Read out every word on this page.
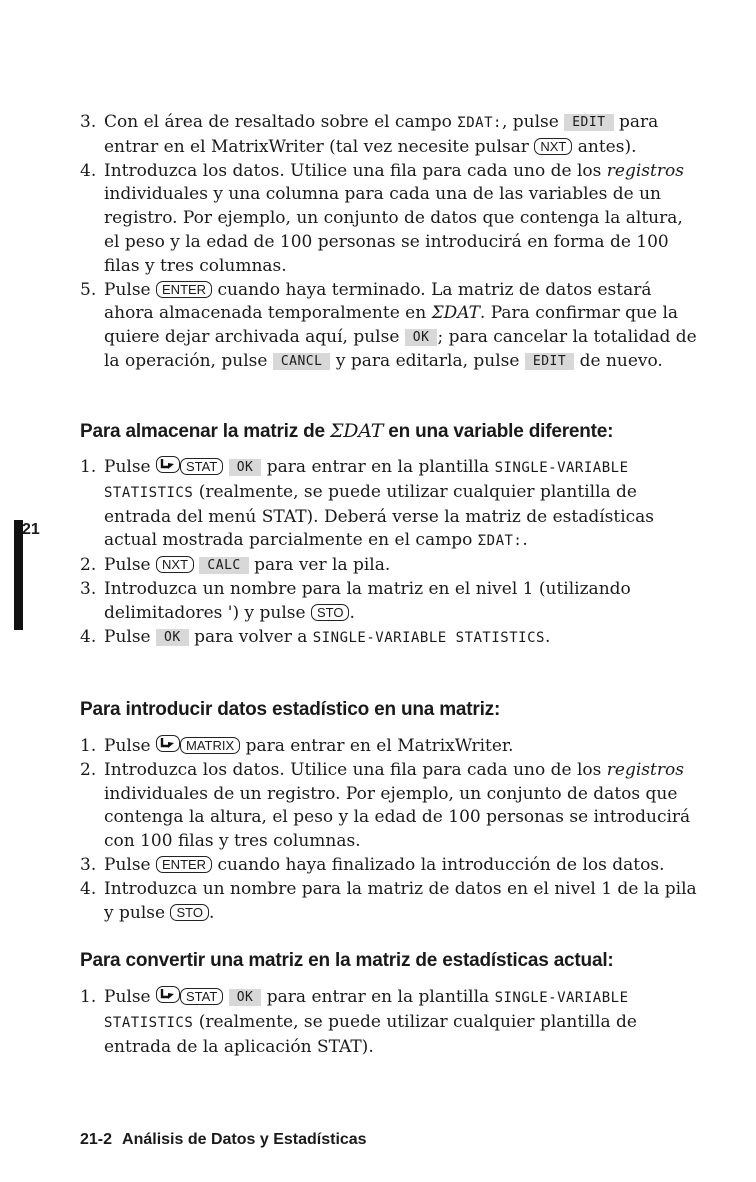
21
3. Con el área de resaltado sobre el campo ΣDAT:, pulse EDIT para entrar en el MatrixWriter (tal vez necesite pulsar NXT antes).
4. Introduzca los datos. Utilice una fila para cada uno de los registros individuales y una columna para cada una de las variables de un registro. Por ejemplo, un conjunto de datos que contenga la altura, el peso y la edad de 100 personas se introducirá en forma de 100 filas y tres columnas.
5. Pulse ENTER cuando haya terminado. La matriz de datos estará ahora almacenada temporalmente en ΣDAT. Para confirmar que la quiere dejar archivada aquí, pulse OK ; para cancelar la totalidad de la operación, pulse CANCL y para editarla, pulse EDIT de nuevo.
Para almacenar la matriz de ΣDAT en una variable diferente:
1. Pulse
STAT OK para entrar en la plantilla SINGLE-VARIABLE STATISTICS (realmente, se puede utilizar cualquier plantilla de entrada del menú STAT). Deberá verse la matriz de estadísticas actual mostrada parcialmente en el campo ΣDAT:.
2. Pulse NXT CALC para ver la pila.
3. Introduzca un nombre para la matriz en el nivel 1 (utilizando delimitadores ') y pulse STO .
4. Pulse OK para volver a SINGLE-VARIABLE STATISTICS.
Para introducir datos estadístico en una matriz:
1. Pulse
MATRIX para entrar en el MatrixWriter.
2. Introduzca los datos. Utilice una fila para cada uno de los registros individuales de un registro. Por ejemplo, un conjunto de datos que contenga la altura, el peso y la edad de 100 personas se introducirá con 100 filas y tres columnas.
3. Pulse ENTER cuando haya finalizado la introducción de los datos.
4. Introduzca un nombre para la matriz de datos en el nivel 1 de la pila y pulse STO .
Para convertir una matriz en la matriz de estadísticas actual:
1. Pulse
STAT OK para entrar en la plantilla SINGLE-VARIABLE STATISTICS (realmente, se puede utilizar cualquier plantilla de entrada de la aplicación STAT).
21-2 Análisis de Datos y Estadísticas
